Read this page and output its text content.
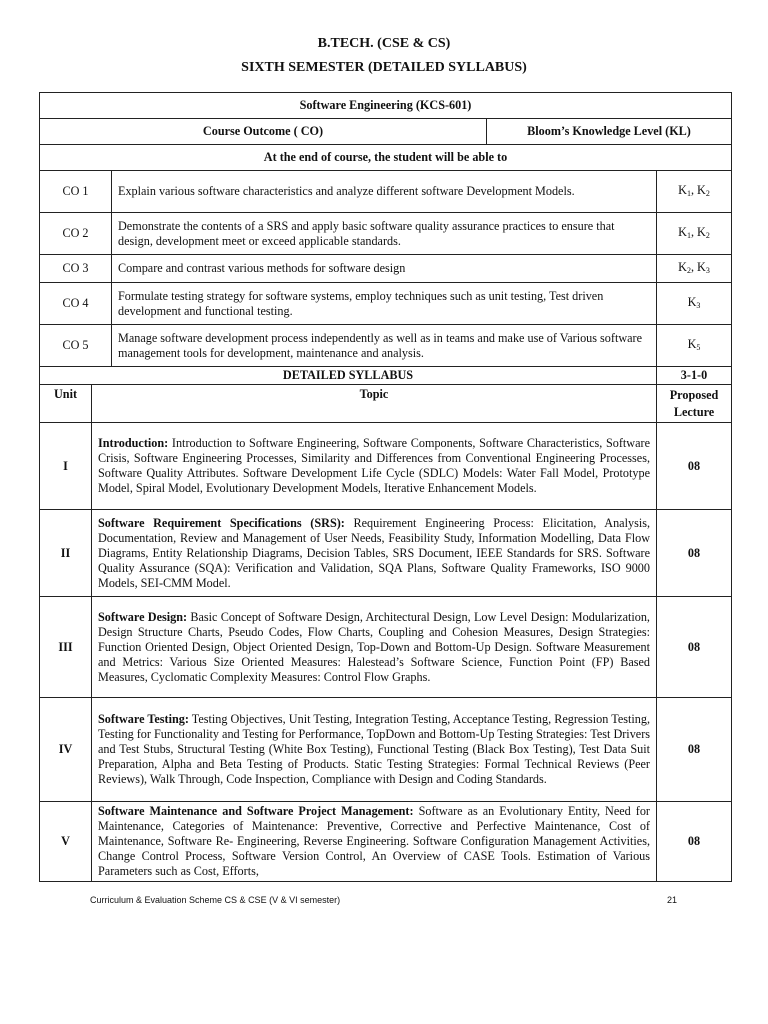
B.TECH. (CSE & CS)
SIXTH SEMESTER (DETAILED SYLLABUS)
Software Engineering (KCS-601)				
Course Outcome ( CO)			Bloom’s Knowledge Level (KL)	
At the end of course, the student will be able to				
CO 1		Explain various software characteristics and analyze different software Development Models.		$K_1$, $K_2$
CO 2		Demonstrate the contents of a SRS and apply basic software quality assurance practices to ensure that design, development meet or exceed applicable standards.		$K_1$, $K_2$
CO 3		Compare and contrast various methods for software design		$K_2$, $K_3$
CO 4		Formulate testing strategy for software systems, employ techniques such as unit testing, Test driven development and functional testing.		$K_3$
CO 5		Manage software development process independently as well as in teams and make use of Various software management tools for development, maintenance and analysis.		$K_5$
DETAILED SYLLABUS				3-1-0
Unit	Topic			Proposed Lecture
I	Introduction: Introduction to Software Engineering, Software Components, Software Characteristics, Software Crisis, Software Engineering Processes, Similarity and Differences from Conventional Engineering Processes, Software Quality Attributes. Software Development Life Cycle (SDLC) Models: Water Fall Model, Prototype Model, Spiral Model, Evolutionary Development Models, Iterative Enhancement Models.			08
II	Software Requirement Specifications (SRS): Requirement Engineering Process: Elicitation, Analysis, Documentation, Review and Management of User Needs, Feasibility Study, Information Modelling, Data Flow Diagrams, Entity Relationship Diagrams, Decision Tables, SRS Document, IEEE Standards for SRS. Software Quality Assurance (SQA): Verification and Validation, SQA Plans, Software Quality Frameworks, ISO 9000 Models, SEI-CMM Model.			08
III	Software Design: Basic Concept of Software Design, Architectural Design, Low Level Design: Modularization, Design Structure Charts, Pseudo Codes, Flow Charts, Coupling and Cohesion Measures, Design Strategies: Function Oriented Design, Object Oriented Design, Top-Down and Bottom-Up Design. Software Measurement and Metrics: Various Size Oriented Measures: Halestead’s Software Science, Function Point (FP) Based Measures, Cyclomatic Complexity Measures: Control Flow Graphs.			08
IV	Software Testing: Testing Objectives, Unit Testing, Integration Testing, Acceptance Testing, Regression Testing, Testing for Functionality and Testing for Performance, TopDown and Bottom-Up Testing Strategies: Test Drivers and Test Stubs, Structural Testing (White Box Testing), Functional Testing (Black Box Testing), Test Data Suit Preparation, Alpha and Beta Testing of Products. Static Testing Strategies: Formal Technical Reviews (Peer Reviews), Walk Through, Code Inspection, Compliance with Design and Coding Standards.			08
V	Software Maintenance and Software Project Management: Software as an Evolutionary Entity, Need for Maintenance, Categories of Maintenance: Preventive, Corrective and Perfective Maintenance, Cost of Maintenance, Software Re- Engineering, Reverse Engineering. Software Configuration Management Activities, Change Control Process, Software Version Control, An Overview of CASE Tools. Estimation of Various Parameters such as Cost, Efforts,			08
Curriculum & Evaluation Scheme CS & CSE (V & VI semester)	21
